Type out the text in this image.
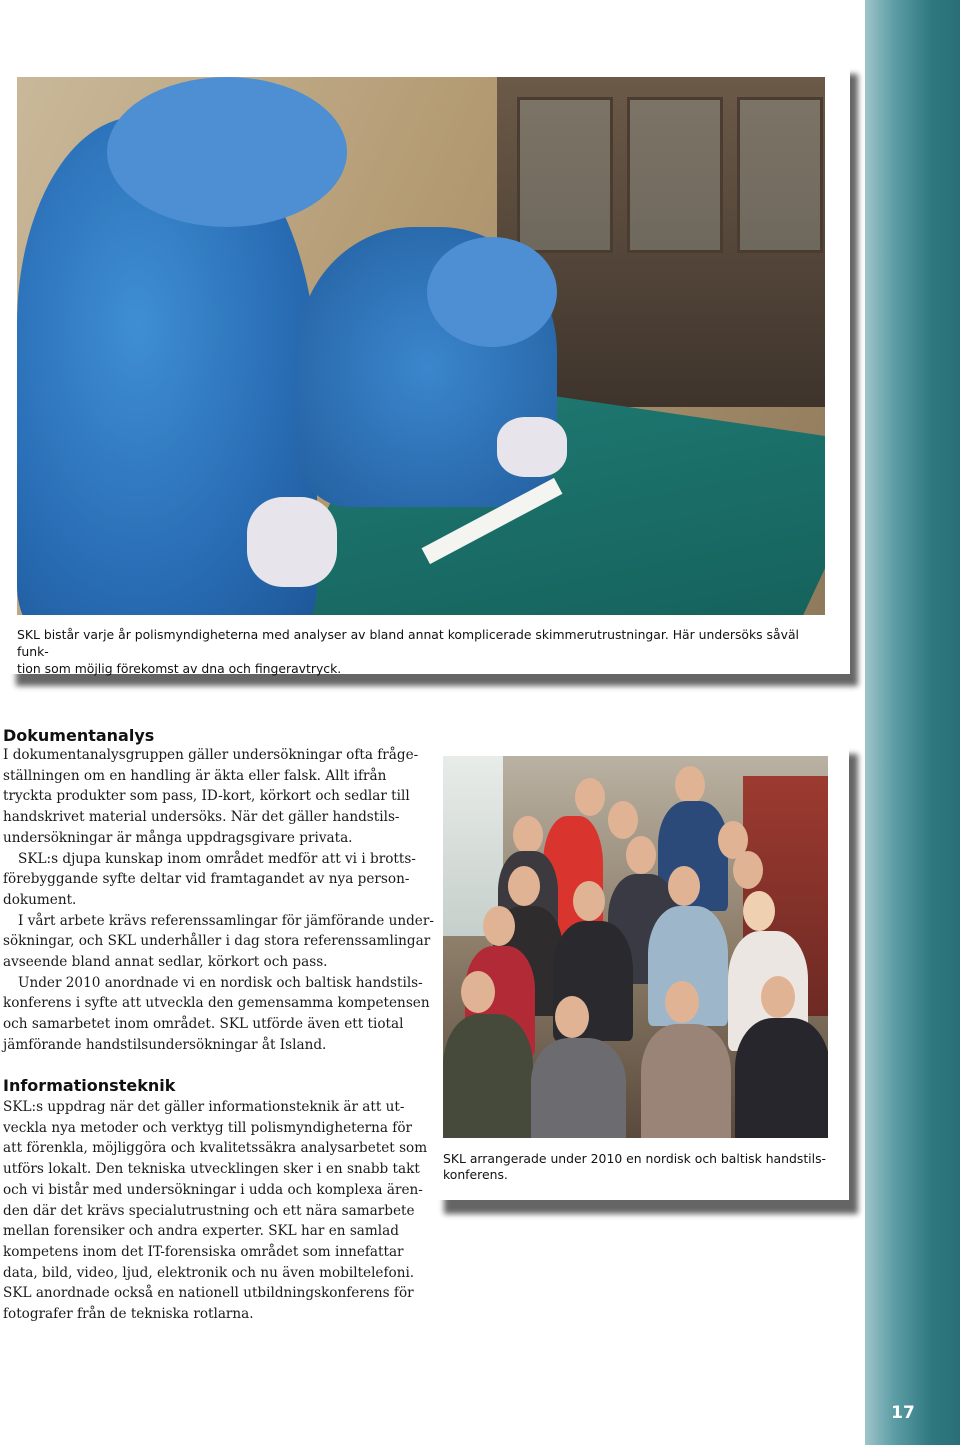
17
SKL bistår varje år polismyndigheterna med analyser av bland annat komplicerade skimmerutrustningar. Här undersöks såväl funk-
tion som möjlig förekomst av dna och fingeravtryck.
Dokumentanalys
I dokumentanalysgruppen gäller undersökningar ofta fråge-
ställningen om en handling är äkta eller falsk. Allt ifrån
tryckta produkter som pass, ID-kort, körkort och sedlar till
handskrivet material undersöks. När det gäller handstils-
undersökningar är många uppdragsgivare privata.
SKL:s djupa kunskap inom området medför att vi i brotts-
förebyggande syfte deltar vid framtagandet av nya person-
dokument.
I vårt arbete krävs referenssamlingar för jämförande under-
sökningar, och SKL underhåller i dag stora referenssamlingar
avseende bland annat sedlar, körkort och pass.
Under 2010 anordnade vi en nordisk och baltisk handstils-
konferens i syfte att utveckla den gemensamma kompetensen
och samarbetet inom området. SKL utförde även ett tiotal
jämförande handstilsundersökningar åt Island.
Informationsteknik
SKL:s uppdrag när det gäller informationsteknik är att ut-
veckla nya metoder och verktyg till polismyndigheterna för
att förenkla, möjliggöra och kvalitetssäkra analysarbetet som
utförs lokalt. Den tekniska utvecklingen sker i en snabb takt
och vi bistår med undersökningar i udda och komplexa ären-
den där det krävs specialutrustning och ett nära samarbete
mellan forensiker och andra experter. SKL har en samlad
kompetens inom det IT-forensiska området som innefattar
data, bild, video, ljud, elektronik och nu även mobiltelefoni.
SKL anordnade också en nationell utbildningskonferens för
fotografer från de tekniska rotlarna.
SKL arrangerade under 2010 en nordisk och baltisk handstils-
konferens.
